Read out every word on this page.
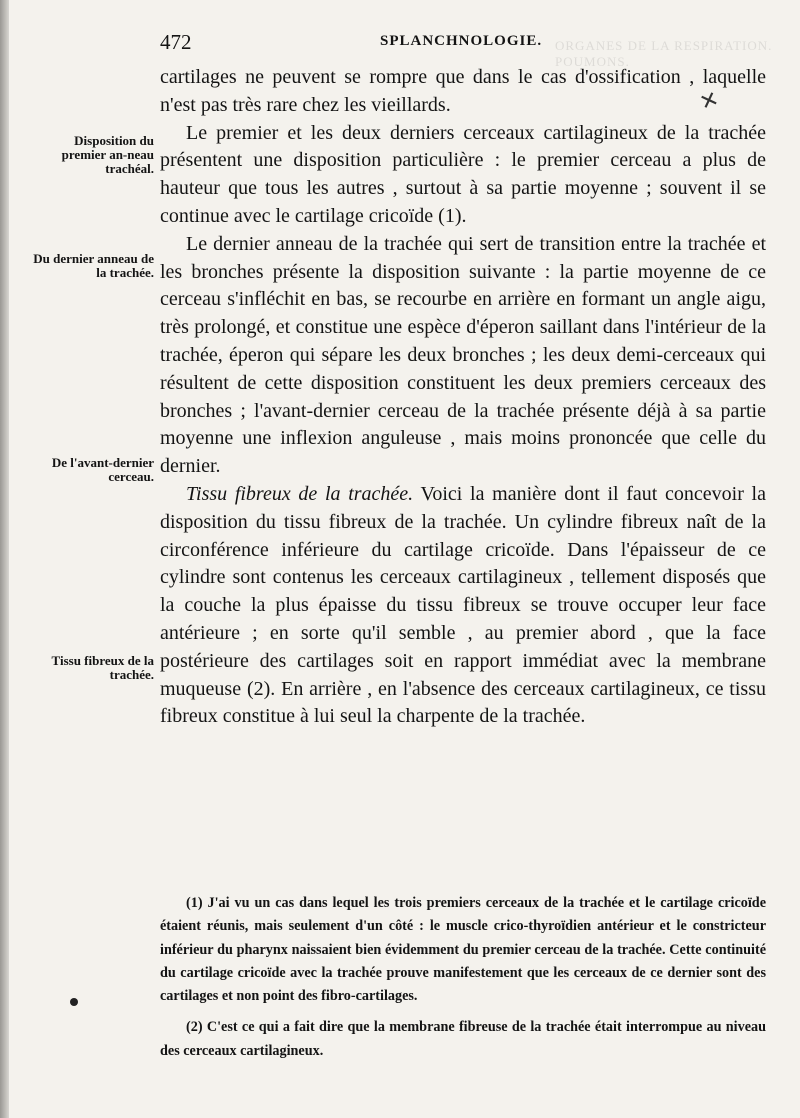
ORGANES DE LA RESPIRATION. POUMONS.
✕
472	SPLANCHNOLOGIE.
Disposition du premier an-neau trachéal.
Du dernier anneau de la trachée.
De l'avant-dernier cerceau.
Tissu fibreux de la trachée.

cartilages ne peuvent se rompre que dans le cas d'ossification , laquelle n'est pas très rare chez les vieillards.

Le premier et les deux derniers cerceaux cartilagineux de la trachée présentent une disposition particulière : le premier cerceau a plus de hauteur que tous les autres , surtout à sa partie moyenne ; souvent il se continue avec le cartilage cricoïde (1).

Le dernier anneau de la trachée qui sert de transition entre la trachée et les bronches présente la disposition suivante : la partie moyenne de ce cerceau s'infléchit en bas, se recourbe en arrière en formant un angle aigu, très prolongé, et constitue une espèce d'éperon saillant dans l'intérieur de la trachée, éperon qui sépare les deux bronches ; les deux demi-cerceaux qui résultent de cette disposition constituent les deux premiers cerceaux des bronches ; l'avant-dernier cerceau de la trachée présente déjà à sa partie moyenne une inflexion anguleuse , mais moins prononcée que celle du dernier.

Tissu fibreux de la trachée. Voici la manière dont il faut concevoir la disposition du tissu fibreux de la trachée. Un cylindre fibreux naît de la circonférence inférieure du cartilage cricoïde. Dans l'épaisseur de ce cylindre sont contenus les cerceaux cartilagineux , tellement disposés que la couche la plus épaisse du tissu fibreux se trouve occuper leur face antérieure ; en sorte qu'il semble , au premier abord , que la face postérieure des cartilages soit en rapport immédiat avec la membrane muqueuse (2). En arrière , en l'absence des cerceaux cartilagineux, ce tissu fibreux constitue à lui seul la charpente de la trachée.

(1) J'ai vu un cas dans lequel les trois premiers cerceaux de la trachée et le cartilage cricoïde étaient réunis, mais seulement d'un côté : le muscle crico-thyroïdien antérieur et le constricteur inférieur du pharynx naissaient bien évidemment du premier cerceau de la trachée. Cette continuité du cartilage cricoïde avec la trachée prouve manifestement que les cerceaux de ce dernier sont des cartilages et non point des fibro-cartilages.

(2) C'est ce qui a fait dire que la membrane fibreuse de la trachée était interrompue au niveau des cerceaux cartilagineux.
